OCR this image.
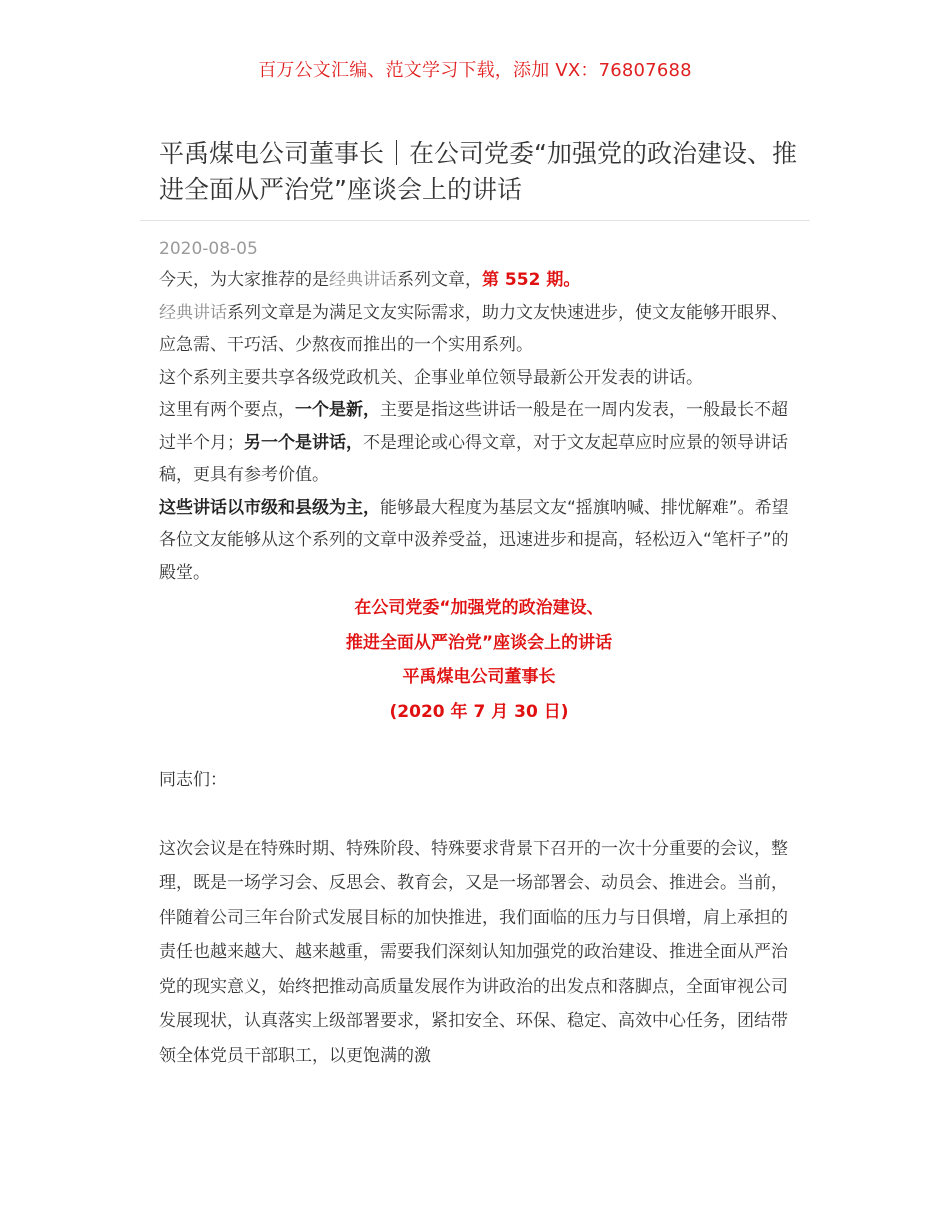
百万公文汇编、范文学习下载，添加 VX：76807688
平禹煤电公司董事长｜在公司党委“加强党的政治建设、推进全面从严治党”座谈会上的讲话
2020-08-05

今天，为大家推荐的是经典讲话系列文章，第 552 期。

经典讲话系列文章是为满足文友实际需求，助力文友快速进步，使文友能够开眼界、应急需、干巧活、少熬夜而推出的一个实用系列。

这个系列主要共享各级党政机关、企事业单位领导最新公开发表的讲话。

这里有两个要点，一个是新，主要是指这些讲话一般是在一周内发表，一般最长不超过半个月；另一个是讲话，不是理论或心得文章，对于文友起草应时应景的领导讲话稿，更具有参考价值。

这些讲话以市级和县级为主，能够最大程度为基层文友“摇旗呐喊、排忧解难”。希望各位文友能够从这个系列的文章中汲养受益，迅速进步和提高，轻松迈入“笔杆子”的殿堂。

在公司党委“加强党的政治建设、

推进全面从严治党”座谈会上的讲话

平禹煤电公司董事长

(2020 年 7 月 30 日)

同志们：

这次会议是在特殊时期、特殊阶段、特殊要求背景下召开的一次十分重要的会议，整理，既是一场学习会、反思会、教育会，又是一场部署会、动员会、推进会。当前，伴随着公司三年台阶式发展目标的加快推进，我们面临的压力与日俱增，肩上承担的责任也越来越大、越来越重，需要我们深刻认知加强党的政治建设、推进全面从严治党的现实意义，始终把推动高质量发展作为讲政治的出发点和落脚点，全面审视公司发展现状，认真落实上级部署要求，紧扣安全、环保、稳定、高效中心任务，团结带领全体党员干部职工，以更饱满的激
